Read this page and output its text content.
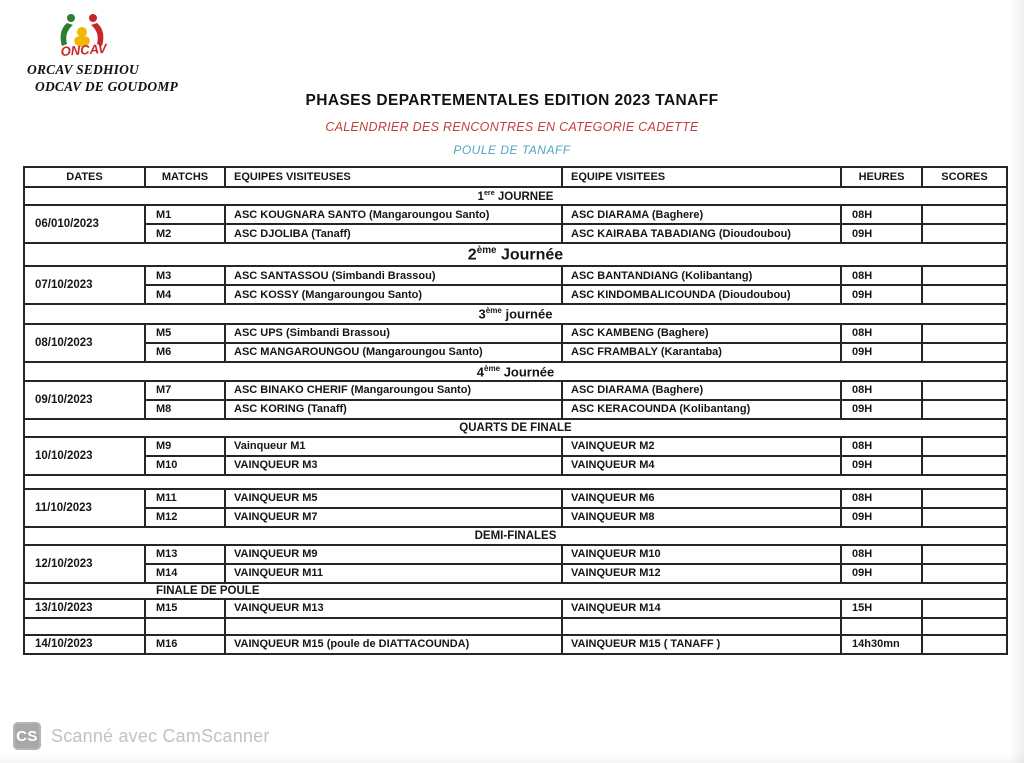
ONCAV
ORCAV SEDHIOU
ODCAV DE GOUDOMP
PHASES DEPARTEMENTALES EDITION 2023 TANAFF
CALENDRIER DES RENCONTRES EN CATEGORIE CADETTE
POULE DE TANAFF
DATES	MATCHS	EQUIPES VISITEUSES	EQUIPE VISITEES	HEURES	SCORES
1ere JOURNEE					
06/010/2023	M1	ASC KOUGNARA SANTO (Mangaroungou Santo)	ASC DIARAMA (Baghere)	08H	
	M2	ASC DJOLIBA (Tanaff)	ASC KAIRABA TABADIANG (Dioudoubou)	09H	
2ème Journée					
07/10/2023	M3	ASC SANTASSOU (Simbandi Brassou)	ASC BANTANDIANG (Kolibantang)	08H	
	M4	ASC KOSSY (Mangaroungou Santo)	ASC KINDOMBALICOUNDA (Dioudoubou)	09H	
3ème journée					
08/10/2023	M5	ASC UPS (Simbandi Brassou)	ASC KAMBENG (Baghere)	08H	
	M6	ASC MANGAROUNGOU (Mangaroungou Santo)	ASC FRAMBALY (Karantaba)	09H	
4ème Journée					
09/10/2023	M7	ASC BINAKO CHERIF (Mangaroungou Santo)	ASC DIARAMA (Baghere)	08H	
	M8	ASC KORING (Tanaff)	ASC KERACOUNDA (Kolibantang)	09H	
QUARTS DE FINALE					
10/10/2023	M9	Vainqueur M1	VAINQUEUR M2	08H	
	M10	VAINQUEUR M3	VAINQUEUR M4	09H	

11/10/2023	M11	VAINQUEUR M5	VAINQUEUR M6	08H	
	M12	VAINQUEUR M7	VAINQUEUR M8	09H	
DEMI-FINALES					
12/10/2023	M13	VAINQUEUR M9	VAINQUEUR M10	08H	
	M14	VAINQUEUR M11	VAINQUEUR M12	09H	
FINALE DE POULE					
13/10/2023	M15	VAINQUEUR M13	VAINQUEUR M14	15H	

14/10/2023	M16	VAINQUEUR M15 (poule de DIATTACOUNDA)	VAINQUEUR M15 ( TANAFF )	14h30mn	
CS Scanné avec CamScanner
